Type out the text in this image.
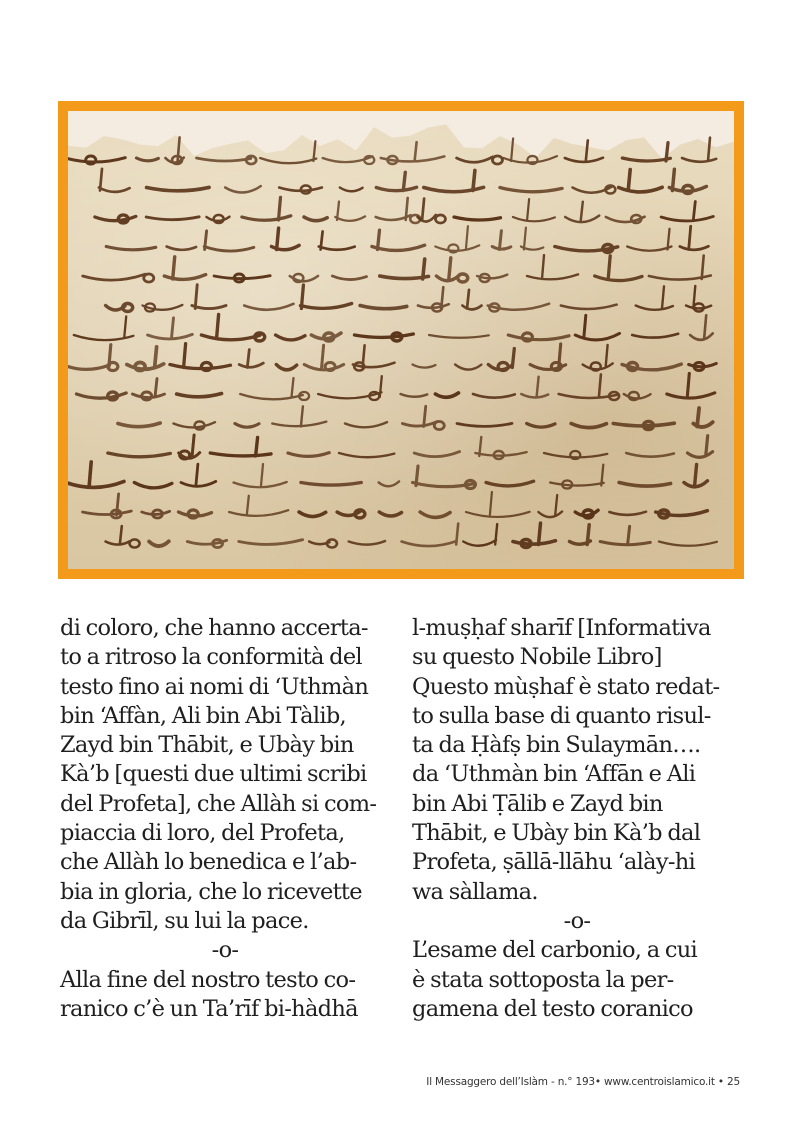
di coloro, che hanno accerta-
to a ritroso la conformità del
testo fino ai nomi di ‘Uthmàn
bin ‘Affàn, Ali bin Abi Tàlib,
Zayd bin Thābit, e Ubày bin
Kà’b [questi due ultimi scribi
del Profeta], che Allàh si com-
piaccia di loro, del Profeta,
che Allàh lo benedica e l’ab-
bia in gloria, che lo ricevette
da Gibrīl, su lui la pace.
-o-
Alla fine del nostro testo co-
ranico c’è un Ta’rīf bi-hàdhā
l-muṣḥaf sharīf [Informativa
su questo Nobile Libro]
Questo mùṣhaf è stato redat-
to sulla base di quanto risul-
ta da Ḥàfṣ bin Sulaymān….
da ‘Uthmàn bin ‘Affān e Ali
bin Abi Ṭālib e Zayd bin
Thābit, e Ubày bin Kà’b dal
Profeta, ṣāllā-llāhu ‘alày-hi
wa sàllama.
-o-
L’esame del carbonio, a cui
è stata sottoposta la per-
gamena del testo coranico
Il Messaggero dell’Islàm - n.° 193• www.centroislamico.it • 25
